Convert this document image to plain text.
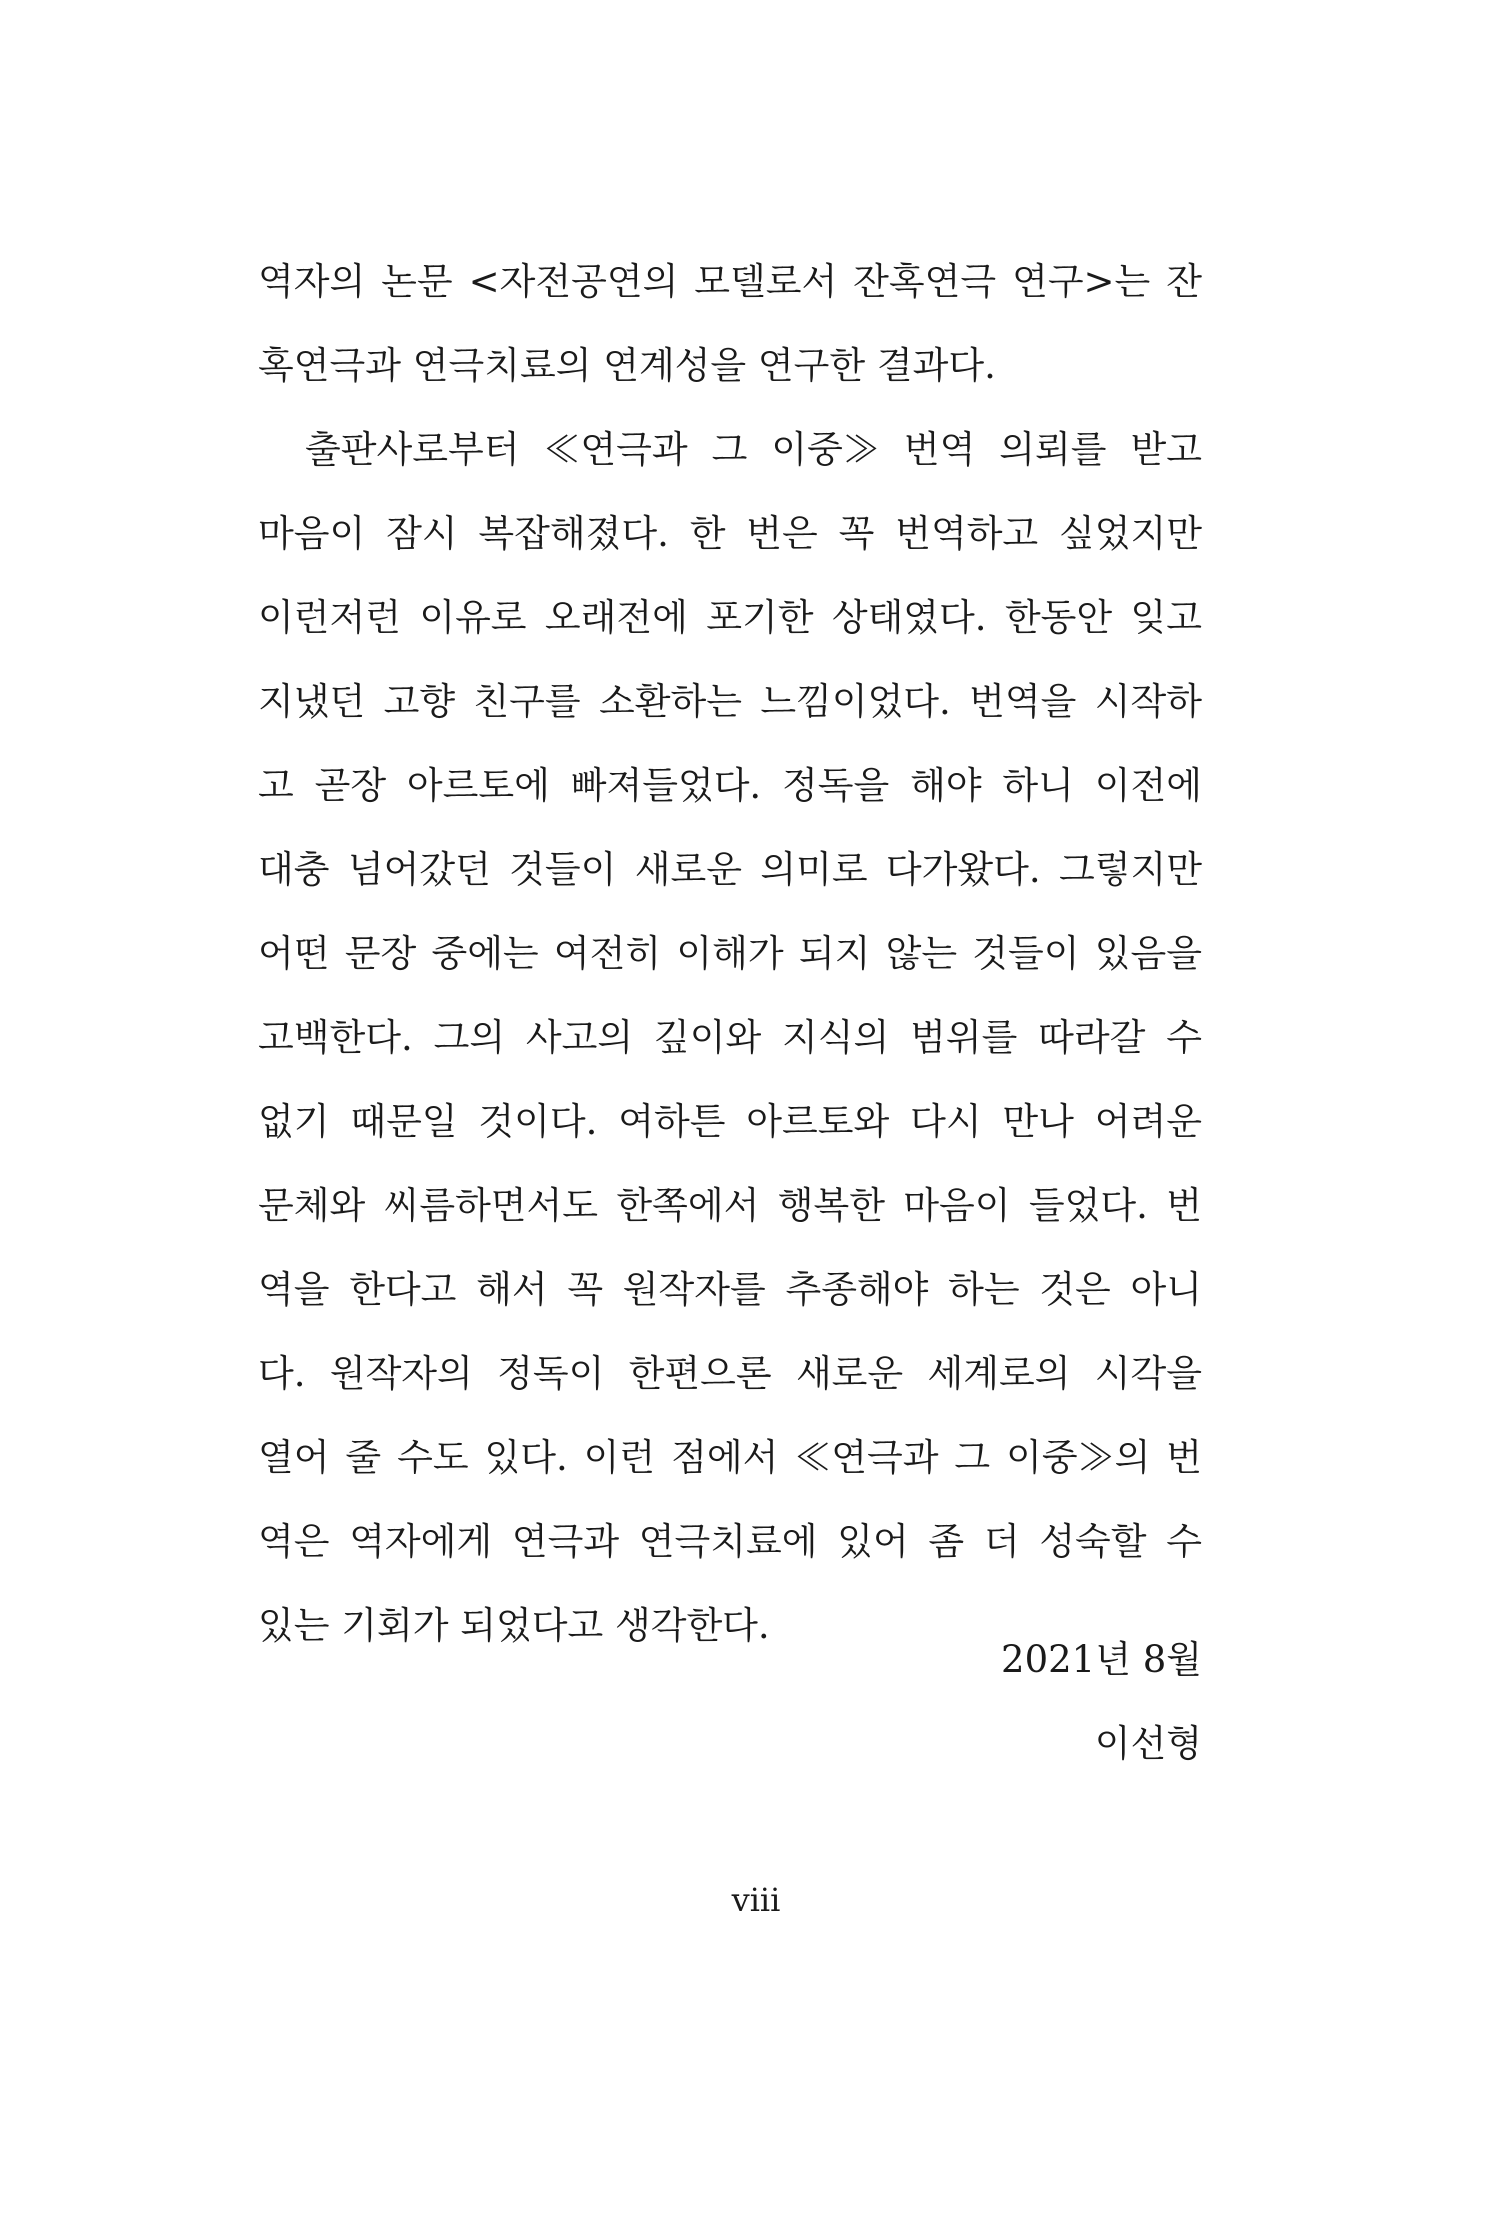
역자의 논문 <자전공연의 모델로서 잔혹연극 연구>는 잔
혹연극과 연극치료의 연계성을 연구한 결과다.
출판사로부터 ≪연극과 그 이중≫ 번역 의뢰를 받고
마음이 잠시 복잡해졌다. 한 번은 꼭 번역하고 싶었지만
이런저런 이유로 오래전에 포기한 상태였다. 한동안 잊고
지냈던 고향 친구를 소환하는 느낌이었다. 번역을 시작하
고 곧장 아르토에 빠져들었다. 정독을 해야 하니 이전에
대충 넘어갔던 것들이 새로운 의미로 다가왔다. 그렇지만
어떤 문장 중에는 여전히 이해가 되지 않는 것들이 있음을
고백한다. 그의 사고의 깊이와 지식의 범위를 따라갈 수
없기 때문일 것이다. 여하튼 아르토와 다시 만나 어려운
문체와 씨름하면서도 한쪽에서 행복한 마음이 들었다. 번
역을 한다고 해서 꼭 원작자를 추종해야 하는 것은 아니
다. 원작자의 정독이 한편으론 새로운 세계로의 시각을
열어 줄 수도 있다. 이런 점에서 ≪연극과 그 이중≫의 번
역은 역자에게 연극과 연극치료에 있어 좀 더 성숙할 수
있는 기회가 되었다고 생각한다.
2021년 8월
이선형
viii
